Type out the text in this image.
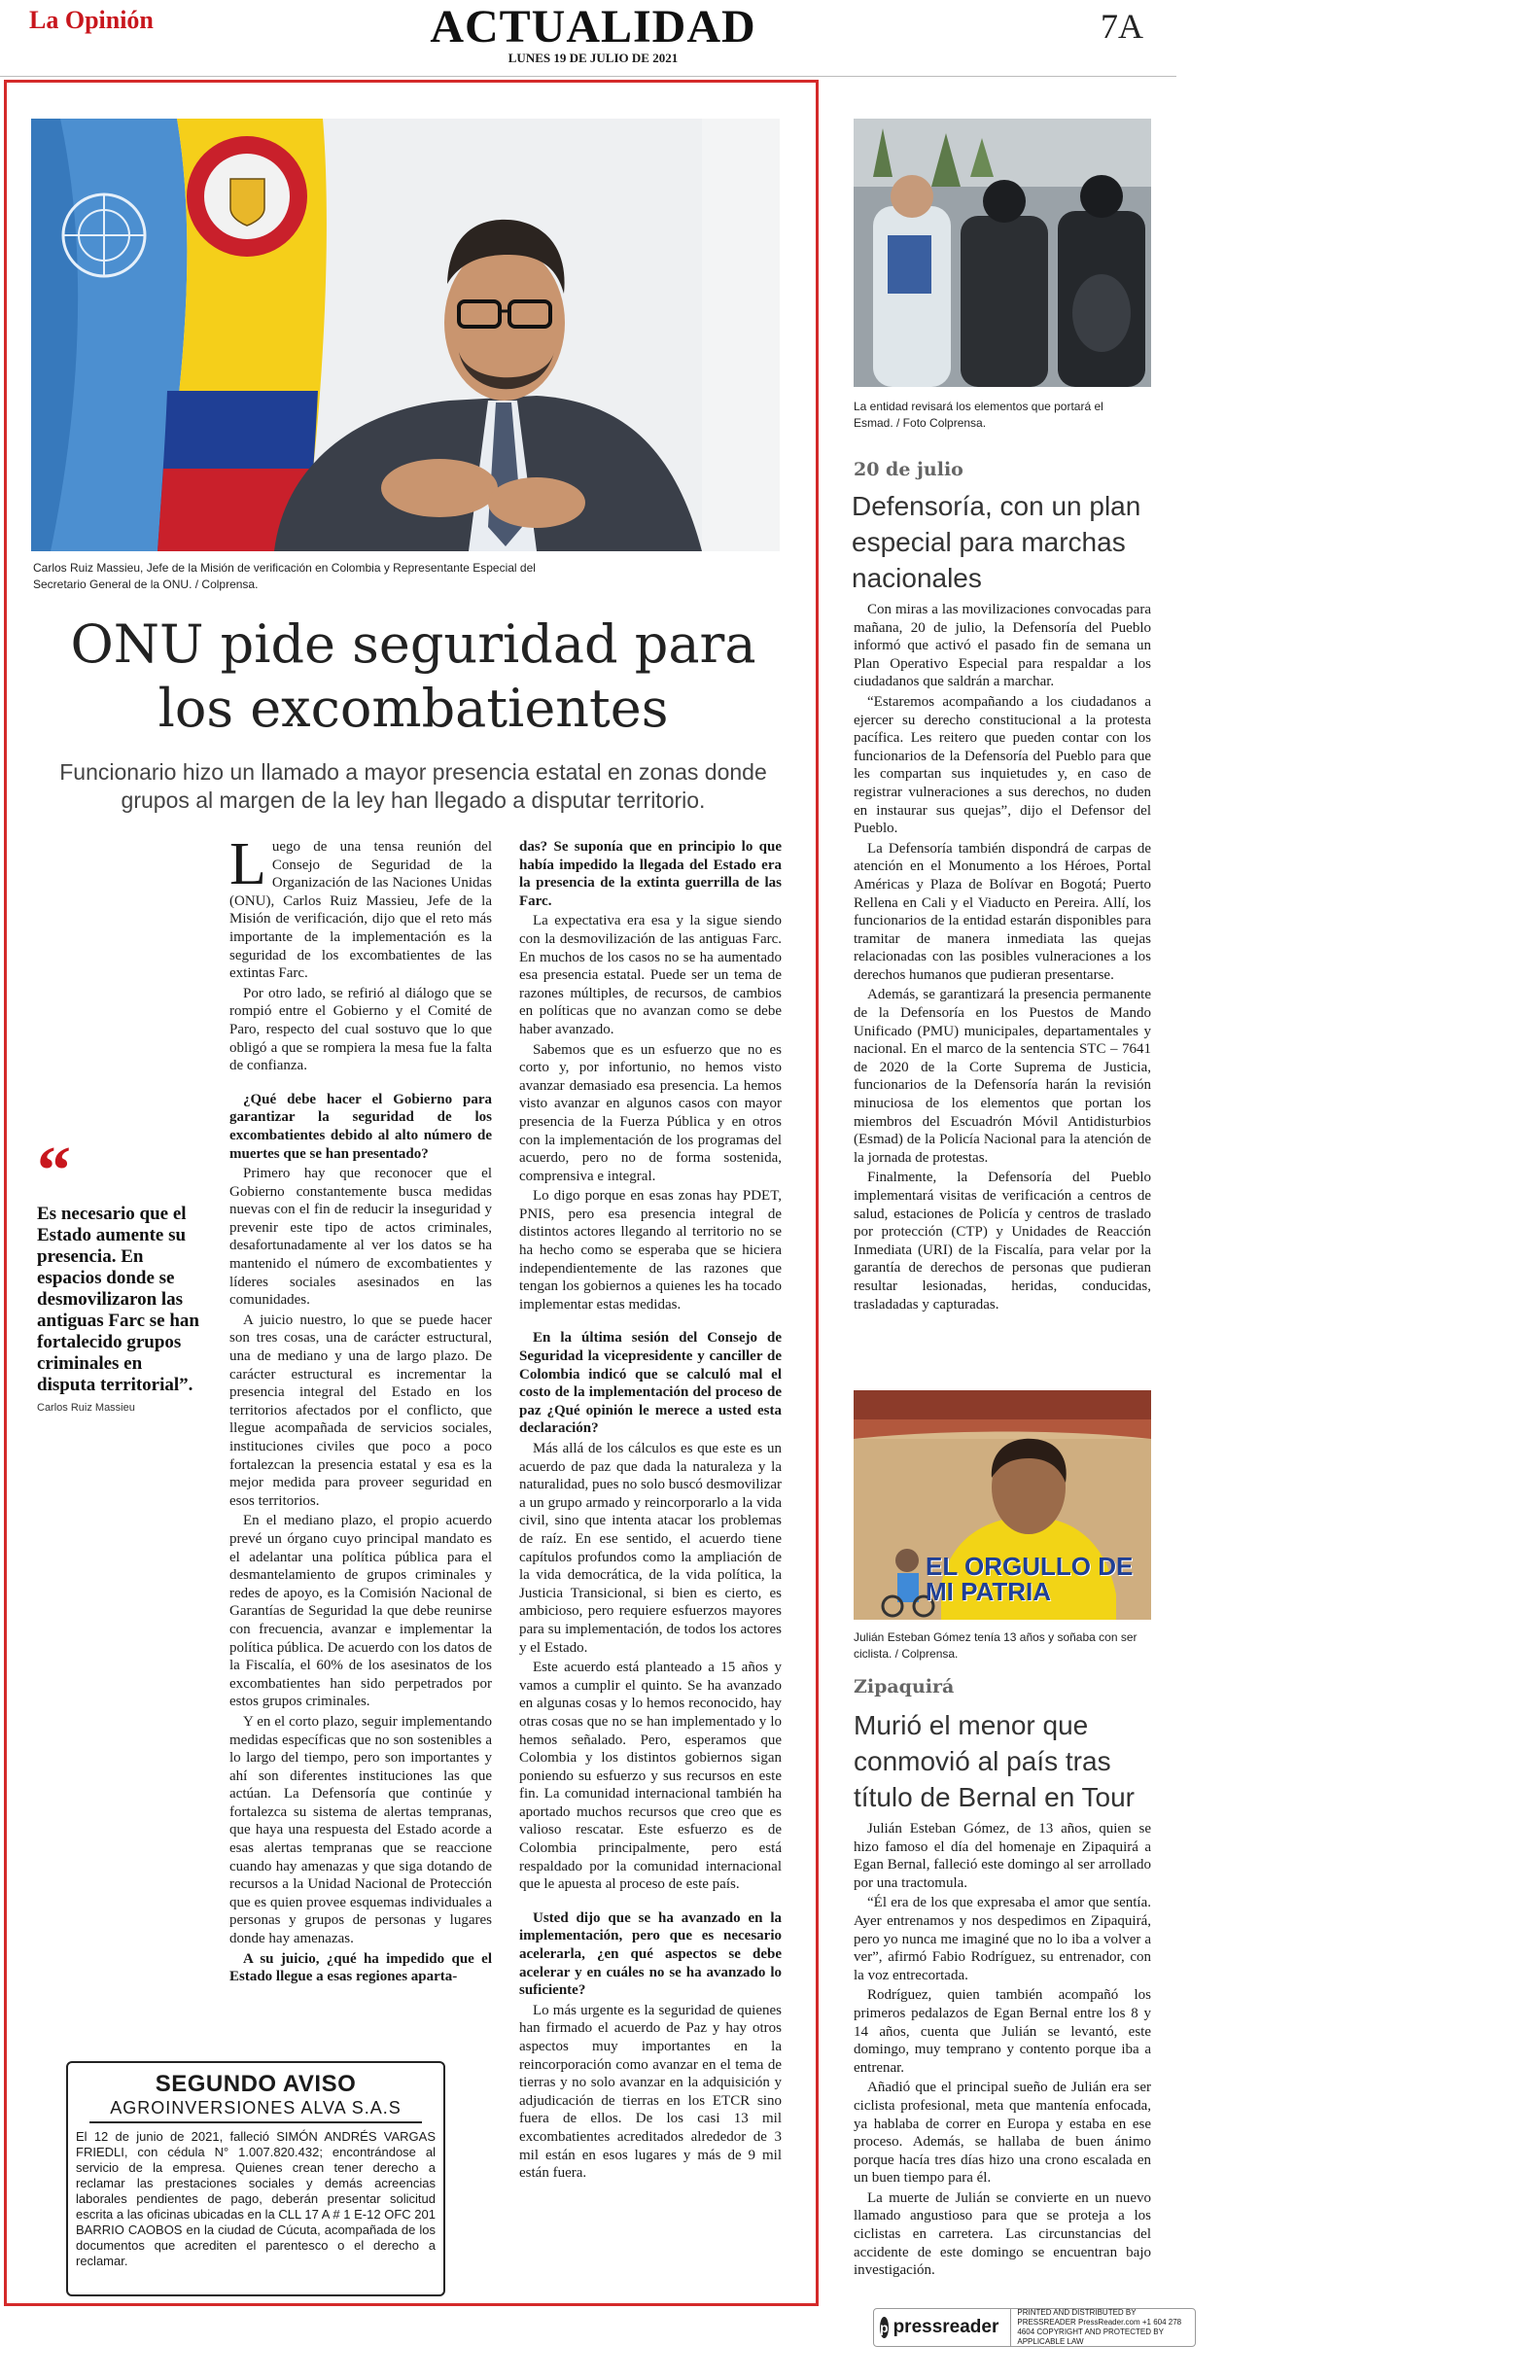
La Opinión	ACTUALIDAD
LUNES 19 DE JULIO DE 2021
7A
Carlos Ruiz Massieu, Jefe de la Misión de verificación en Colombia y Representante Especial del Secretario General de la ONU. / Colprensa.
ONU pide seguridad para los excombatientes
Funcionario hizo un llamado a mayor presencia estatal en zonas donde grupos al margen de la ley han llegado a disputar territorio.
“
Es necesario que el Estado aumente su presencia. En espacios donde se desmovilizaron las antiguas Farc se han fortalecido grupos criminales en disputa territorial”.
Carlos Ruiz Massieu

Luego de una tensa reunión del Consejo de Seguridad de la Organización de las Naciones Unidas (ONU), Carlos Ruiz Massieu, Jefe de la Misión de verificación, dijo que el reto más importante de la implementación es la seguridad de los excombatientes de las extintas Farc.

Por otro lado, se refirió al diálogo que se rompió entre el Gobierno y el Comité de Paro, respecto del cual sostuvo que lo que obligó a que se rompiera la mesa fue la falta de confianza.

¿Qué debe hacer el Gobierno para garantizar la seguridad de los excombatientes debido al alto número de muertes que se han presentado?

Primero hay que reconocer que el Gobierno constantemente busca medidas nuevas con el fin de reducir la inseguridad y prevenir este tipo de actos criminales, desafortunadamente al ver los datos se ha mantenido el número de excombatientes y líderes sociales asesinados en las comunidades.

A juicio nuestro, lo que se puede hacer son tres cosas, una de carácter estructural, una de mediano y una de largo plazo. De carácter estructural es incrementar la presencia integral del Estado en los territorios afectados por el conflicto, que llegue acompañada de servicios sociales, instituciones civiles que poco a poco fortalezcan la presencia estatal y esa es la mejor medida para proveer seguridad en esos territorios.

En el mediano plazo, el propio acuerdo prevé un órgano cuyo principal mandato es el adelantar una política pública para el desmantelamiento de grupos criminales y redes de apoyo, es la Comisión Nacional de Garantías de Seguridad la que debe reunirse con frecuencia, avanzar e implementar la política pública. De acuerdo con los datos de la Fiscalía, el 60% de los asesinatos de los excombatientes han sido perpetrados por estos grupos criminales.

Y en el corto plazo, seguir implementando medidas específicas que no son sostenibles a lo largo del tiempo, pero son importantes y ahí son diferentes instituciones las que actúan. La Defensoría que continúe y fortalezca su sistema de alertas tempranas, que haya una respuesta del Estado acorde a esas alertas tempranas que se reaccione cuando hay amenazas y que siga dotando de recursos a la Unidad Nacional de Protección que es quien provee esquemas individuales a personas y grupos de personas y lugares donde hay amenazas.

A su juicio, ¿qué ha impedido que el Estado llegue a esas regiones aparta-

das? Se suponía que en principio lo que había impedido la llegada del Estado era la presencia de la extinta guerrilla de las Farc.

La expectativa era esa y la sigue siendo con la desmovilización de las antiguas Farc. En muchos de los casos no se ha aumentado esa presencia estatal. Puede ser un tema de razones múltiples, de recursos, de cambios en políticas que no avanzan como se debe haber avanzado.

Sabemos que es un esfuerzo que no es corto y, por infortunio, no hemos visto avanzar demasiado esa presencia. La hemos visto avanzar en algunos casos con mayor presencia de la Fuerza Pública y en otros con la implementación de los programas del acuerdo, pero no de forma sostenida, comprensiva e integral.

Lo digo porque en esas zonas hay PDET, PNIS, pero esa presencia integral de distintos actores llegando al territorio no se ha hecho como se esperaba que se hiciera independientemente de las razones que tengan los gobiernos a quienes les ha tocado implementar estas medidas.

En la última sesión del Consejo de Seguridad la vicepresidente y canciller de Colombia indicó que se calculó mal el costo de la implementación del proceso de paz ¿Qué opinión le merece a usted esta declaración?

Más allá de los cálculos es que este es un acuerdo de paz que dada la naturaleza y la naturalidad, pues no solo buscó desmovilizar a un grupo armado y reincorporarlo a la vida civil, sino que intenta atacar los problemas de raíz. En ese sentido, el acuerdo tiene capítulos profundos como la ampliación de la vida democrática, de la vida política, la Justicia Transicional, si bien es cierto, es ambicioso, pero requiere esfuerzos mayores para su implementación, de todos los actores y el Estado.

Este acuerdo está planteado a 15 años y vamos a cumplir el quinto. Se ha avanzado en algunas cosas y lo hemos reconocido, hay otras cosas que no se han implementado y lo hemos señalado. Pero, esperamos que Colombia y los distintos gobiernos sigan poniendo su esfuerzo y sus recursos en este fin. La comunidad internacional también ha aportado muchos recursos que creo que es valioso rescatar. Este esfuerzo es de Colombia principalmente, pero está respaldado por la comunidad internacional que le apuesta al proceso de este país.

Usted dijo que se ha avanzado en la implementación, pero que es necesario acelerarla, ¿en qué aspectos se debe acelerar y en cuáles no se ha avanzado lo suficiente?

Lo más urgente es la seguridad de quienes han firmado el acuerdo de Paz y hay otros aspectos muy importantes en la reincorporación como avanzar en el tema de tierras y no solo avanzar en la adquisición y adjudicación de tierras en los ETCR sino fuera de ellos. De los casi 13 mil excombatientes acreditados alrededor de 3 mil están en esos lugares y más de 9 mil están fuera.

SEGUNDO AVISO
AGROINVERSIONES ALVA S.A.S
El 12 de junio de 2021, falleció SIMÓN ANDRÉS VARGAS FRIEDLI, con cédula N° 1.007.820.432; encontrándose al servicio de la empresa. Quienes crean tener derecho a reclamar las prestaciones sociales y demás acreencias laborales pendientes de pago, deberán presentar solicitud escrita a las oficinas ubicadas en la CLL 17 A # 1 E-12 OFC 201 BARRIO CAOBOS en la ciudad de Cúcuta, acompañada de los documentos que acrediten el parentesco o el derecho a reclamar.
La entidad revisará los elementos que portará el Esmad. / Foto Colprensa.
20 de julio
Defensoría, con un plan especial para marchas nacionales

Con miras a las movilizaciones convocadas para mañana, 20 de julio, la Defensoría del Pueblo informó que activó el pasado fin de semana un Plan Operativo Especial para respaldar a los ciudadanos que saldrán a marchar.

“Estaremos acompañando a los ciudadanos a ejercer su derecho constitucional a la protesta pacífica. Les reitero que pueden contar con los funcionarios de la Defensoría del Pueblo para que les compartan sus inquietudes y, en caso de registrar vulneraciones a sus derechos, no duden en instaurar sus quejas”, dijo el Defensor del Pueblo.

La Defensoría también dispondrá de carpas de atención en el Monumento a los Héroes, Portal Américas y Plaza de Bolívar en Bogotá; Puerto Rellena en Cali y el Viaducto en Pereira. Allí, los funcionarios de la entidad estarán disponibles para tramitar de manera inmediata las quejas relacionadas con las posibles vulneraciones a los derechos humanos que pudieran presentarse.

Además, se garantizará la presencia permanente de la Defensoría en los Puestos de Mando Unificado (PMU) municipales, departamentales y nacional. En el marco de la sentencia STC – 7641 de 2020 de la Corte Suprema de Justicia, funcionarios de la Defensoría harán la revisión minuciosa de los elementos que portan los miembros del Escuadrón Móvil Antidisturbios (Esmad) de la Policía Nacional para la atención de la jornada de protestas.

Finalmente, la Defensoría del Pueblo implementará visitas de verificación a centros de salud, estaciones de Policía y centros de traslado por protección (CTP) y Unidades de Reacción Inmediata (URI) de la Fiscalía, para velar por la garantía de derechos de personas que pudieran resultar lesionadas, heridas, conducidas, trasladadas y capturadas.

EL ORGULLO DE MI PATRIA
Julián Esteban Gómez tenía 13 años y soñaba con ser ciclista. / Colprensa.
Zipaquirá
Murió el menor que conmovió al país tras título de Bernal en Tour

Julián Esteban Gómez, de 13 años, quien se hizo famoso el día del homenaje en Zipaquirá a Egan Bernal, falleció este domingo al ser arrollado por una tractomula.

“Él era de los que expresaba el amor que sentía. Ayer entrenamos y nos despedimos en Zipaquirá, pero yo nunca me imaginé que no lo iba a volver a ver”, afirmó Fabio Rodríguez, su entrenador, con la voz entrecortada.

Rodríguez, quien también acompañó los primeros pedalazos de Egan Bernal entre los 8 y 14 años, cuenta que Julián se levantó, este domingo, muy temprano y contento porque iba a entrenar.

Añadió que el principal sueño de Julián era ser ciclista profesional, meta que mantenía enfocada, ya hablaba de correr en Europa y estaba en ese proceso. Además, se hallaba de buen ánimo porque hacía tres días hizo una crono escalada en un buen tiempo para él.

La muerte de Julián se convierte en un nuevo llamado angustioso para que se proteja a los ciclistas en carretera. Las circunstancias del accidente de este domingo se encuentran bajo investigación.

p pressreader
PRINTED AND DISTRIBUTED BY PRESSREADER PressReader.com +1 604 278 4604 COPYRIGHT AND PROTECTED BY APPLICABLE LAW
